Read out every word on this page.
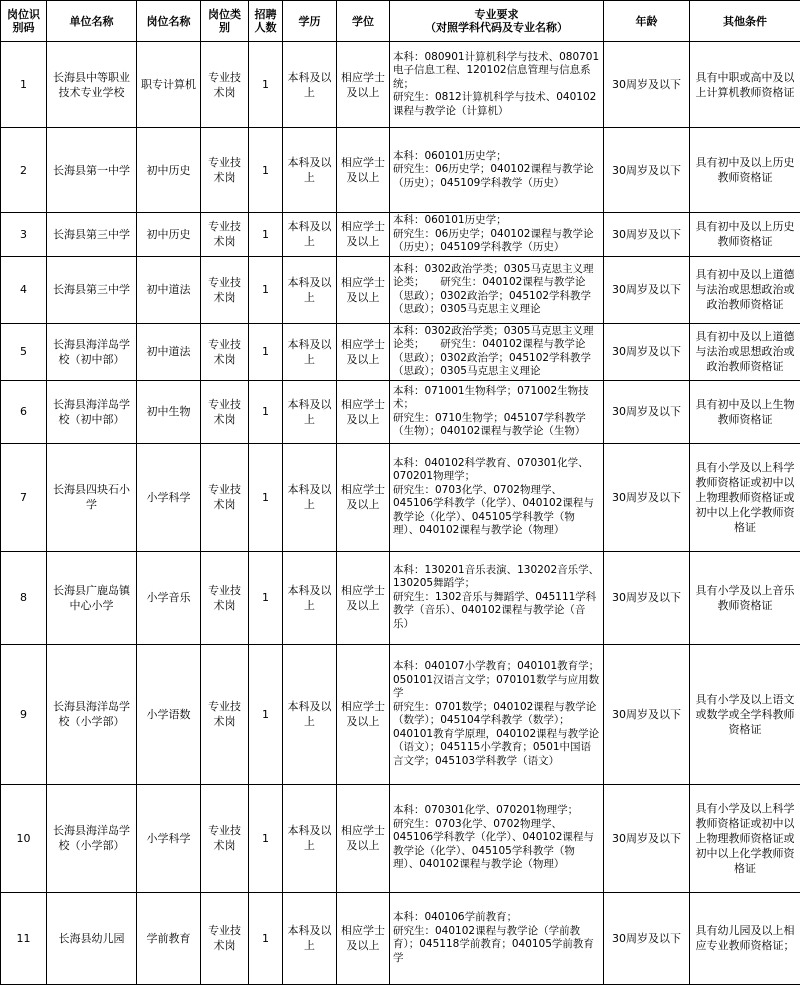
岗位识别码	单位名称	岗位名称	岗位类别	招聘人数	学历	学位	专业要求
（对照学科代码及专业名称）	年龄	其他条件
1	长海县中等职业技术专业学校	职专计算机	专业技术岗	1	本科及以上	相应学士及以上	本科：080901计算机科学与技术、080701电子信息工程、120102信息管理与信息系统；
研究生：0812计算机科学与技术、040102课程与教学论（计算机）	30周岁及以下	具有中职或高中及以上计算机教师资格证
2	长海县第一中学	初中历史	专业技术岗	1	本科及以上	相应学士及以上	本科：060101历史学；
研究生：06历史学；040102课程与教学论（历史）；045109学科教学（历史）	30周岁及以下	具有初中及以上历史教师资格证
3	长海县第三中学	初中历史	专业技术岗	1	本科及以上	相应学士及以上	本科：060101历史学；
研究生：06历史学；040102课程与教学论（历史）；045109学科教学（历史）	30周岁及以下	具有初中及以上历史教师资格证
4	长海县第三中学	初中道法	专业技术岗	1	本科及以上	相应学士及以上	本科：0302政治学类；0305马克思主义理论类；　　研究生：040102课程与教学论（思政）；0302政治学；045102学科教学（思政）；0305马克思主义理论	30周岁及以下	具有初中及以上道德与法治或思想政治或政治教师资格证
5	长海县海洋岛学校（初中部）	初中道法	专业技术岗	1	本科及以上	相应学士及以上	本科：0302政治学类；0305马克思主义理论类；　　研究生：040102课程与教学论（思政）；0302政治学；045102学科教学（思政）；0305马克思主义理论	30周岁及以下	具有初中及以上道德与法治或思想政治或政治教师资格证
6	长海县海洋岛学校（初中部）	初中生物	专业技术岗	1	本科及以上	相应学士及以上	本科：071001生物科学；071002生物技术；
研究生：0710生物学；045107学科教学（生物）；040102课程与教学论（生物）	30周岁及以下	具有初中及以上生物教师资格证
7	长海县四块石小学	小学科学	专业技术岗	1	本科及以上	相应学士及以上	本科：040102科学教育、070301化学、070201物理学；
研究生：0703化学、0702物理学、045106学科教学（化学）、040102课程与教学论（化学）、045105学科教学（物理）、040102课程与教学论（物理）	30周岁及以下	具有小学及以上科学教师资格证或初中以上物理教师资格证或初中以上化学教师资格证
8	长海县广鹿岛镇中心小学	小学音乐	专业技术岗	1	本科及以上	相应学士及以上	本科：130201音乐表演、130202音乐学、130205舞蹈学；
研究生：1302音乐与舞蹈学、045111学科教学（音乐）、040102课程与教学论（音乐）	30周岁及以下	具有小学及以上音乐教师资格证
9	长海县海洋岛学校（小学部）	小学语数	专业技术岗	1	本科及以上	相应学士及以上	本科：040107小学教育；040101教育学；050101汉语言文学；070101数学与应用数学
研究生：0701数学；040102课程与教学论（数学）；045104学科教学（数学）；040101教育学原理，040102课程与教学论（语文）；045115小学教育；0501中国语言文学；045103学科教学（语文）	30周岁及以下	具有小学及以上语文或数学或全学科教师资格证
10	长海县海洋岛学校（小学部）	小学科学	专业技术岗	1	本科及以上	相应学士及以上	本科：070301化学、070201物理学；
研究生：0703化学、0702物理学、045106学科教学（化学）、040102课程与教学论（化学）、045105学科教学（物理）、040102课程与教学论（物理）	30周岁及以下	具有小学及以上科学教师资格证或初中以上物理教师资格证或初中以上化学教师资格证
11	长海县幼儿园	学前教育	专业技术岗	1	本科及以上	相应学士及以上	本科：040106学前教育；
研究生：040102课程与教学论（学前教育）；045118学前教育；040105学前教育学	30周岁及以下	具有幼儿园及以上相应专业教师资格证；
